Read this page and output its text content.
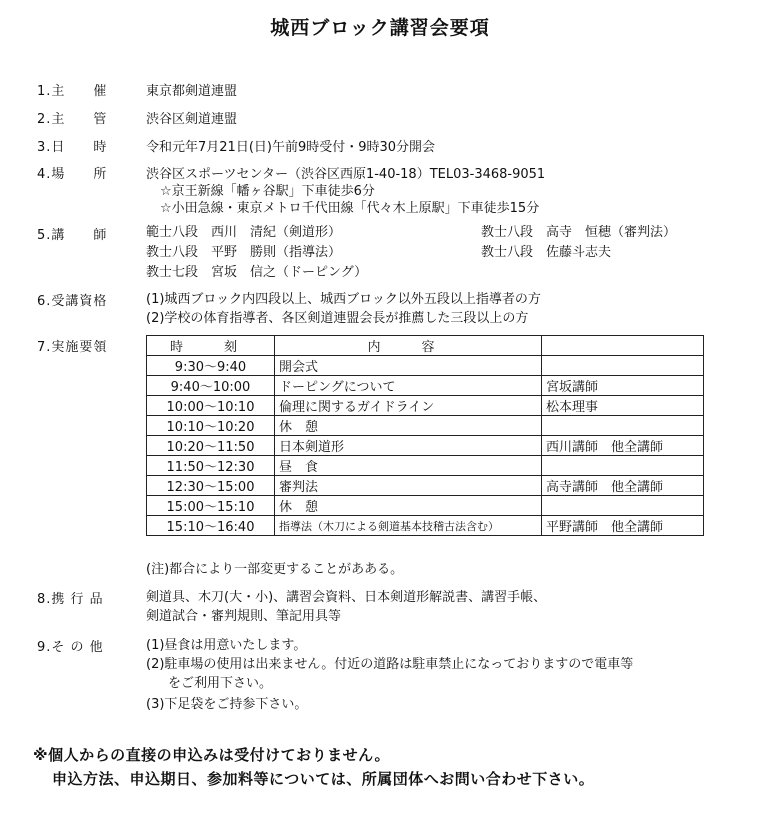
城西ブロック講習会要項
1.主　　催	東京都剣道連盟
2.主　　管	渋谷区剣道連盟
3.日　　時	令和元年7月21日(日)午前9時受付・9時30分開会
4.場　　所	渋谷区スポーツセンター（渋谷区西原1-40-18）TEL03-3468-9051
☆京王新線「幡ヶ谷駅」下車徒歩6分
☆小田急線・東京メトロ千代田線「代々木上原駅」下車徒歩15分
5.講　　師	範士八段　西川　清紀（剣道形）	教士八段　高寺　恒穂（審判法）
教士八段　平野　勝則（指導法）	教士八段　佐藤斗志夫
教士七段　宮坂　信之（ドーピング）
6.受講資格	(1)城西ブロック内四段以上、城西ブロック以外五段以上指導者の方
(2)学校の体育指導者、各区剣道連盟会長が推薦した三段以上の方
7.実施要領	時　刻	内　容	
9:30～9:40	開会式	
9:40～10:00	ドーピングについて	宮坂講師
10:00～10:10	倫理に関するガイドライン	松本理事
10:10～10:20	休　憩	
10:20～11:50	日本剣道形	西川講師　他全講師
11:50～12:30	昼　食	
12:30～15:00	審判法	高寺講師　他全講師
15:00～15:10	休　憩	
15:10～16:40	指導法（木刀による剣道基本技稽古法含む）	平野講師　他全講師
(注)都合により一部変更することがあある。
8.携 行 品	剣道具、木刀(大・小)、講習会資料、日本剣道形解説書、講習手帳、
剣道試合・審判規則、筆記用具等
9.そ の 他	(1)昼食は用意いたします。
(2)駐車場の使用は出来ません。付近の道路は駐車禁止になっておりますので電車等
をご利用下さい。
(3)下足袋をご持参下さい。
※個人からの直接の申込みは受付けておりません。
申込方法、申込期日、参加料等については、所属団体へお問い合わせ下さい。
